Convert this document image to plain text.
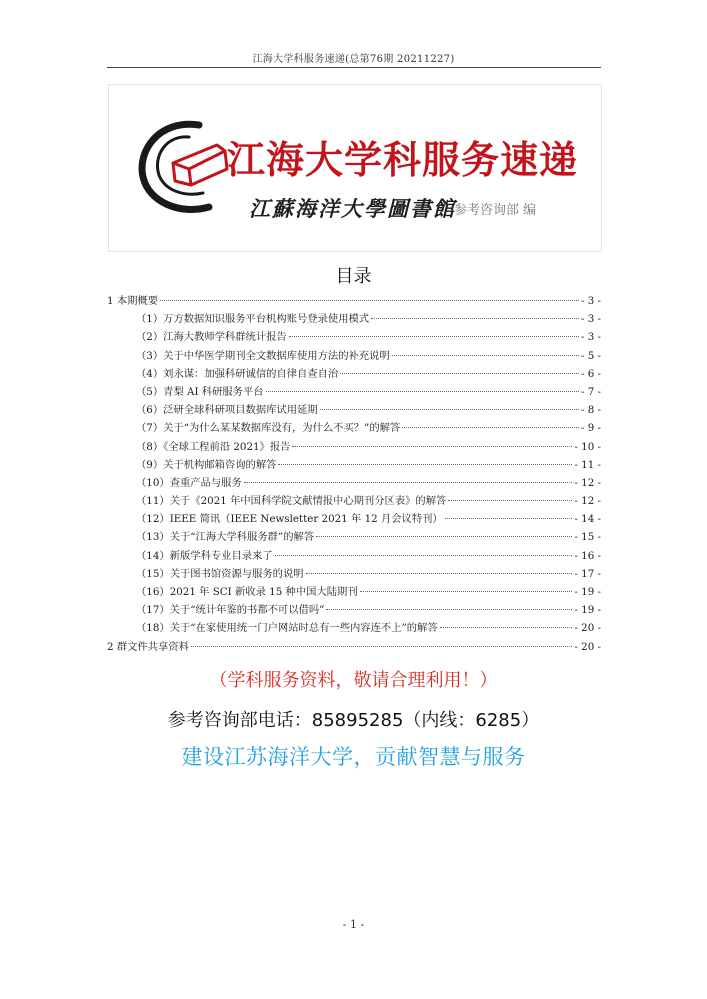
江海大学科服务速递(总第76期 20211227)
江海大学科服务速递
江蘇海洋大學圖書館
参考咨询部 编
目录
1 本期概要	- 3 -
（1）万方数据知识服务平台机构账号登录使用模式	- 3 -
（2）江海大教师学科群统计报告	- 3 -
（3）关于中华医学期刊全文数据库使用方法的补充说明	- 5 -
（4）刘永谋：加强科研诚信的自律自查自治	- 6 -
（5）青梨 AI 科研服务平台	- 7 -
（6）泛研全球科研项目数据库试用延期	- 8 -
（7）关于“为什么某某数据库没有，为什么不买？”的解答	- 9 -
（8）《全球工程前沿 2021》报告	- 10 -
（9）关于机构邮箱咨询的解答	- 11 -
（10）查重产品与服务	- 12 -
（11）关于《2021 年中国科学院文献情报中心期刊分区表》的解答	- 12 -
（12）IEEE 简讯（IEEE Newsletter 2021 年 12 月会议特刊）	- 14 -
（13）关于“江海大学科服务群”的解答	- 15 -
（14）新版学科专业目录来了	- 16 -
（15）关于图书馆资源与服务的说明	- 17 -
（16）2021 年 SCI 新收录 15 种中国大陆期刊	- 19 -
（17）关于“统计年鉴的书都不可以借吗”	- 19 -
（18）关于“在家使用统一门户网站时总有一些内容连不上”的解答	- 20 -
2 群文件共享资料	- 20 -
（学科服务资料，敬请合理利用！）
参考咨询部电话：85895285（内线：6285）
建设江苏海洋大学，贡献智慧与服务
- 1 -
